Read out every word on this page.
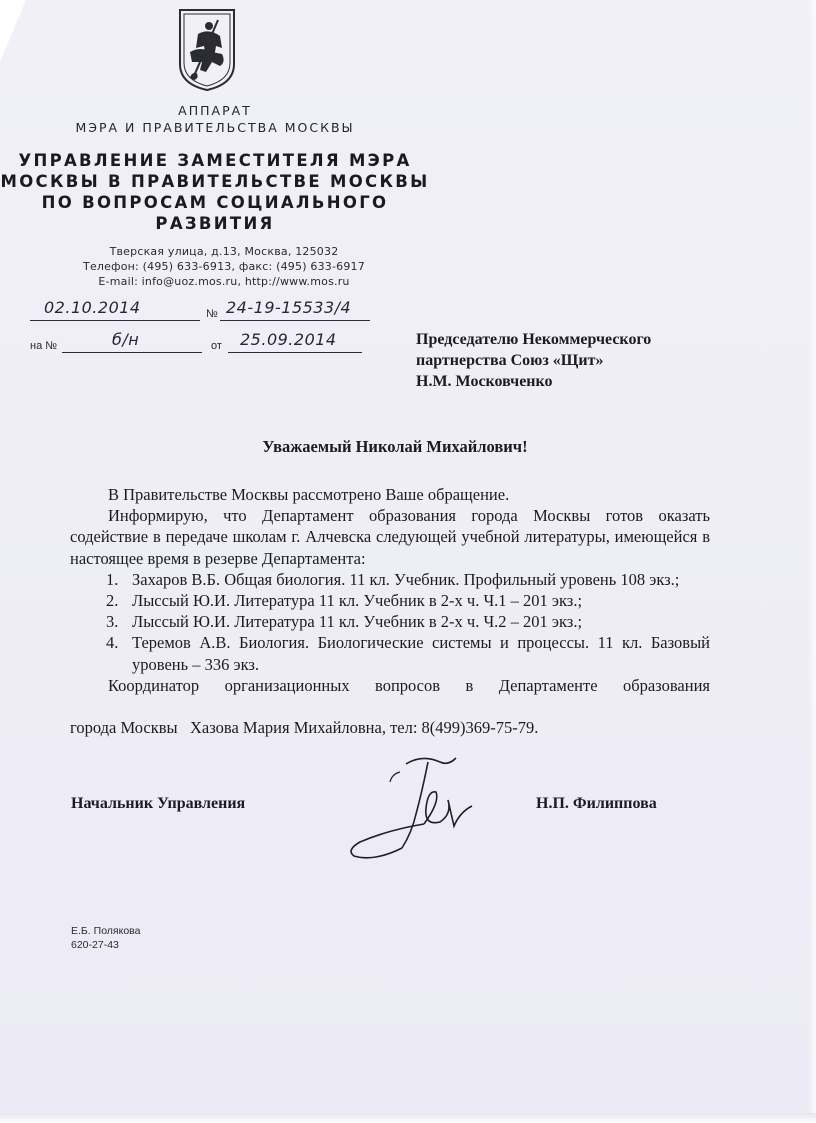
АППАРАТ
МЭРА И ПРАВИТЕЛЬСТВА МОСКВЫ
УПРАВЛЕНИЕ ЗАМЕСТИТЕЛЯ МЭРА
МОСКВЫ В ПРАВИТЕЛЬСТВЕ МОСКВЫ
ПО ВОПРОСАМ СОЦИАЛЬНОГО
РАЗВИТИЯ
Тверская улица, д.13, Москва, 125032
Телефон: (495) 633-6913, факс: (495) 633-6917
E-mail: info@uoz.mos.ru, http://www.mos.ru
02.10.2014	№ 24-19-15533/4
на №	б/н	от 25.09.2014	Председателю Некоммерческого
партнерства Союз «Щит»
Н.М. Московченко
Уважаемый Николай Михайлович!

В Правительстве Москвы рассмотрено Ваше обращение.

Информирую, что Департамент образования города Москвы готов оказать содействие в передаче школам г. Алчевска следующей учебной литературы, имеющейся в настоящее время в резерве Департамента:

1. Захаров В.Б. Общая биология. 11 кл. Учебник. Профильный уровень 108 экз.;
2. Лыссый Ю.И. Литература 11 кл. Учебник в 2-х ч. Ч.1 – 201 экз.;
3. Лыссый Ю.И. Литература 11 кл. Учебник в 2-х ч. Ч.2 – 201 экз.;
4. Теремов А.В. Биология. Биологические системы и процессы. 11 кл. Базовый уровень – 336 экз.

Координатор организационных вопросов в Департаменте образования

города Москвы   Хазова Мария Михайловна, тел: 8(499)369-75-79.

Начальник Управления	Н.П. Филиппова
Е.Б. Полякова
620-27-43
